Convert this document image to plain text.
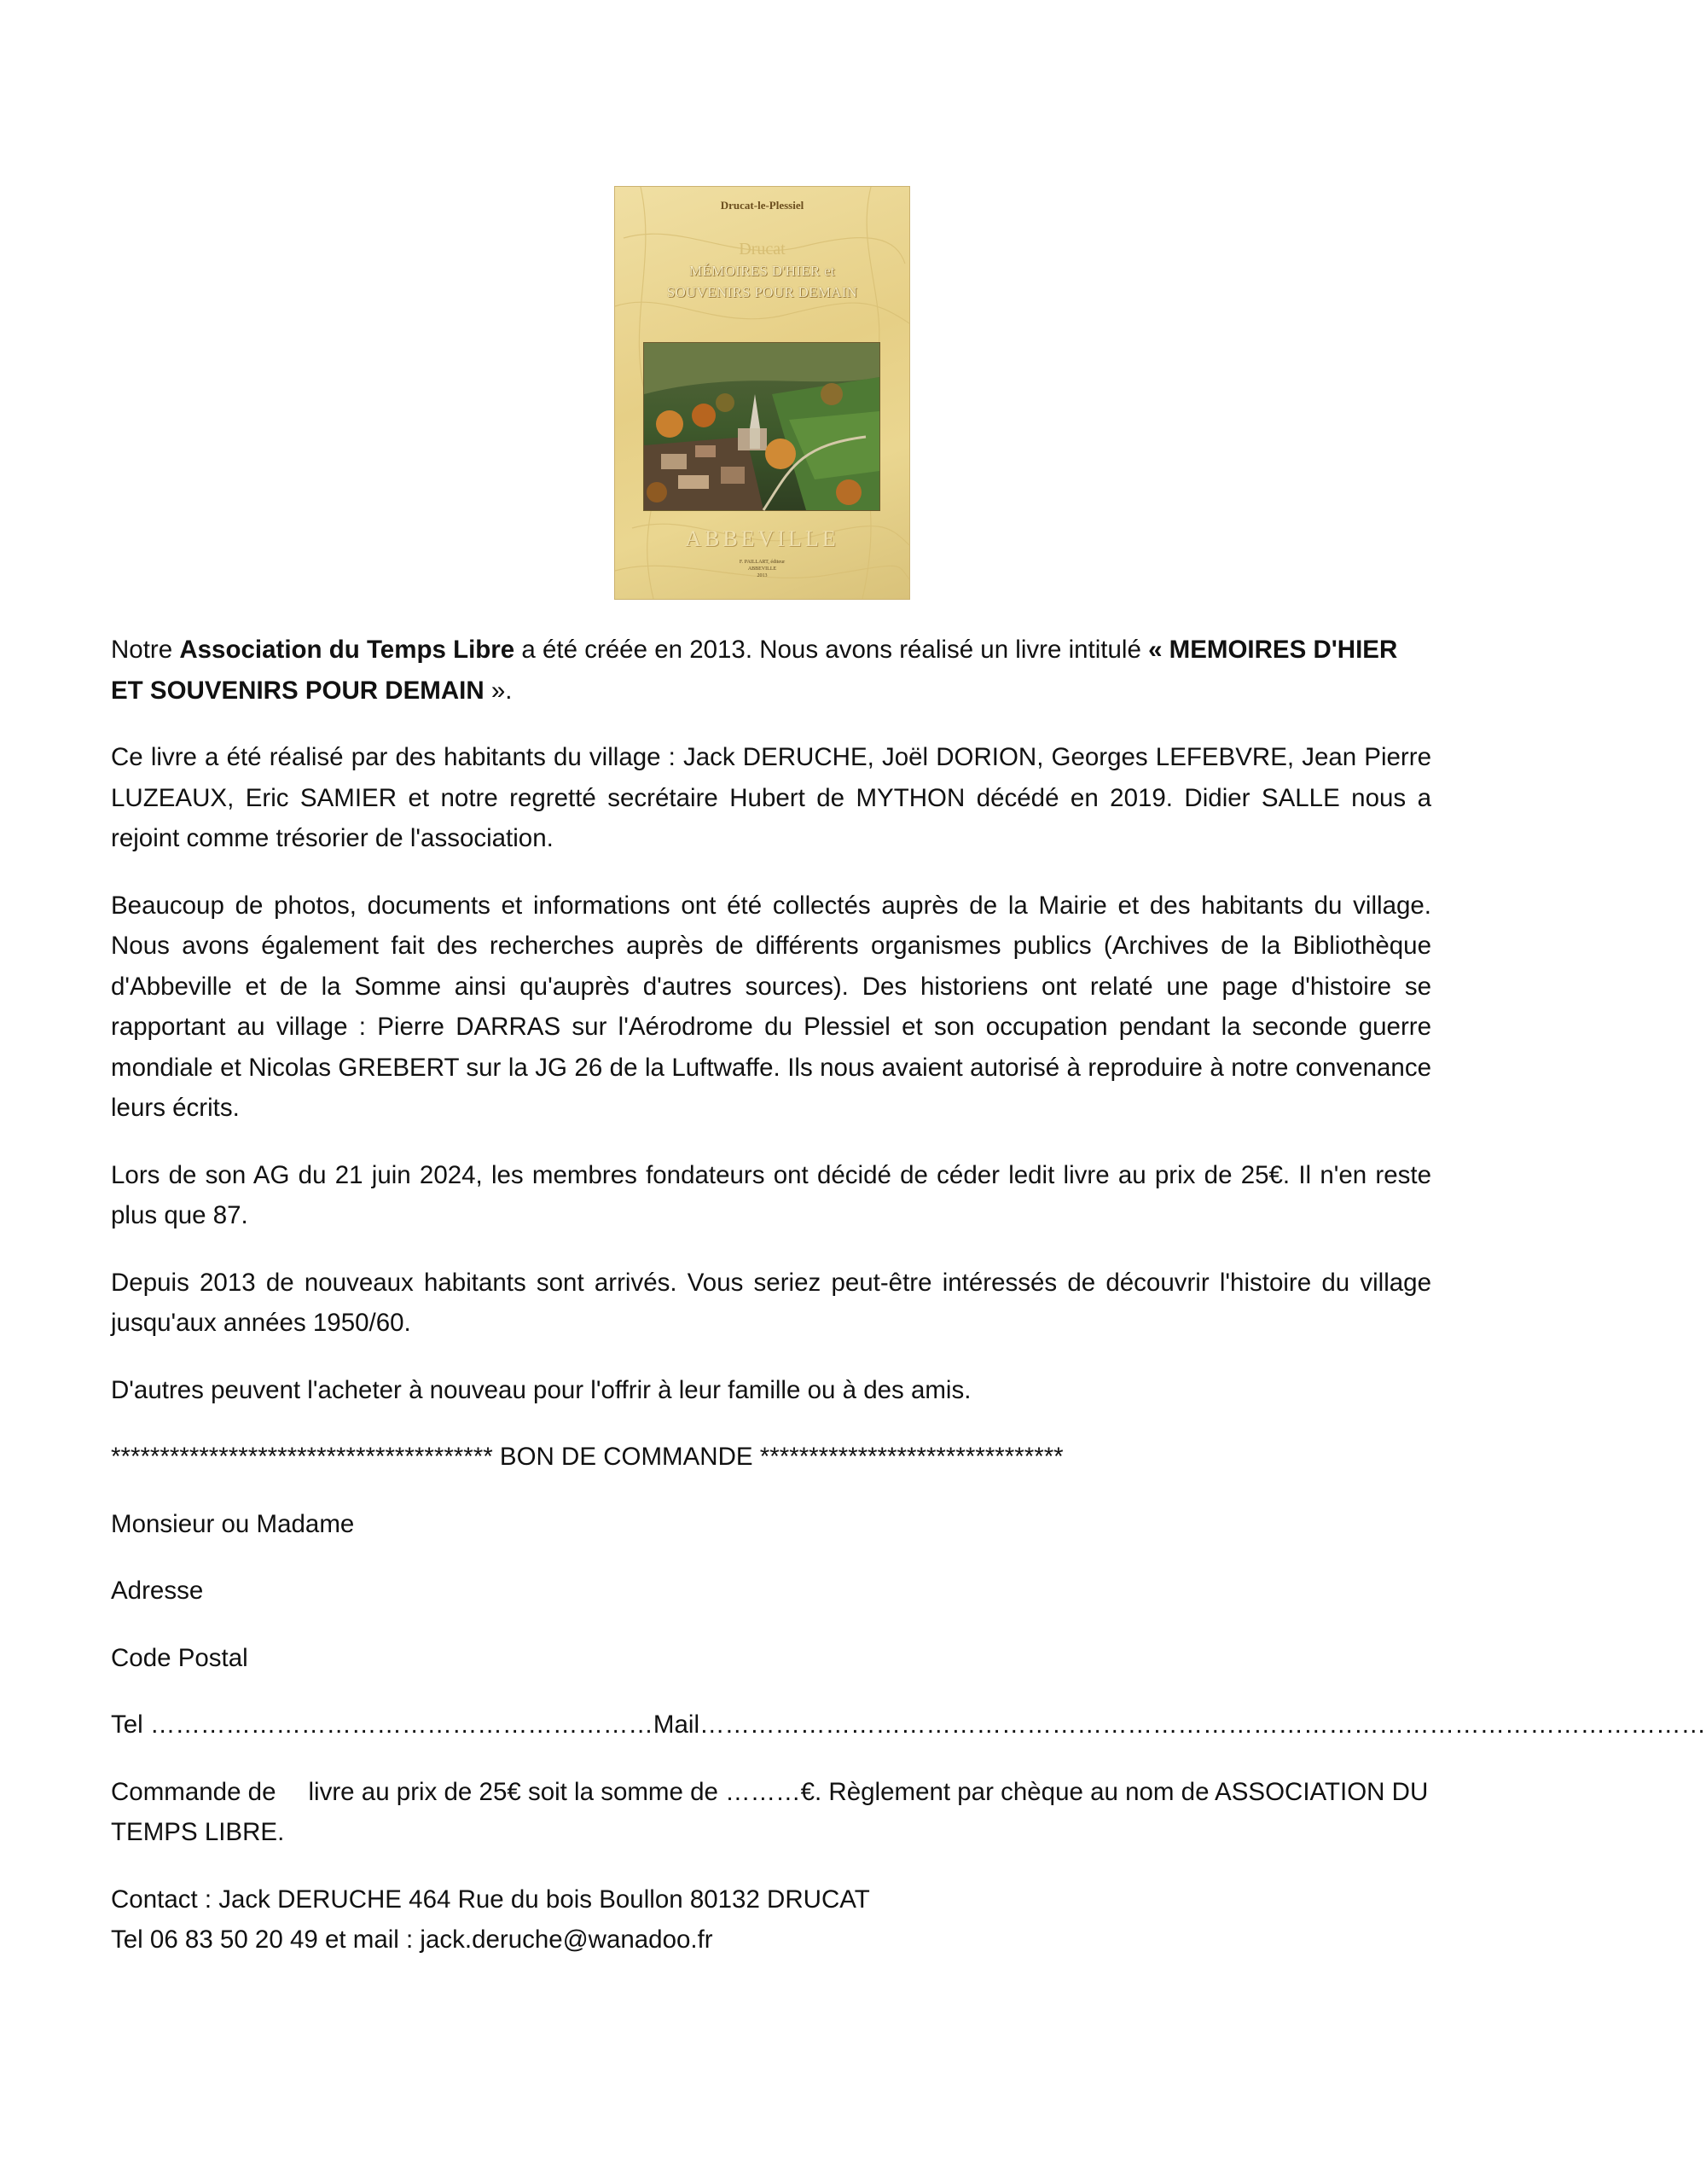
Drucat-le-Plessiel
Drucat
MÉMOIRES D'HIER et
SOUVENIRS POUR DEMAIN
ABBEVILLE
F. PAILLART, éditeur
ABBEVILLE
2013

Notre Association du Temps Libre a été créée en 2013. Nous avons réalisé un livre intitulé « MEMOIRES D'HIER ET SOUVENIRS POUR DEMAIN ».

Ce livre a été réalisé par des habitants du village : Jack DERUCHE, Joël DORION, Georges LEFEBVRE, Jean Pierre LUZEAUX, Eric SAMIER et notre regretté secrétaire Hubert de MYTHON décédé en 2019. Didier SALLE nous a rejoint comme trésorier de l'association.

Beaucoup de photos, documents et informations ont été collectés auprès de la Mairie et des habitants du village. Nous avons également fait des recherches auprès de différents organismes publics (Archives de la Bibliothèque d'Abbeville et de la Somme ainsi qu'auprès d'autres sources). Des historiens ont relaté une page d'histoire se rapportant au village : Pierre DARRAS sur l'Aérodrome du Plessiel et son occupation pendant la seconde guerre mondiale et Nicolas GREBERT sur la JG 26 de la Luftwaffe. Ils nous avaient autorisé à reproduire à notre convenance leurs écrits.

Lors de son AG du 21 juin 2024, les membres fondateurs ont décidé de céder ledit livre au prix de 25€. Il n'en reste plus que 87.

Depuis 2013 de nouveaux habitants sont arrivés. Vous seriez peut-être intéressés de découvrir l'histoire du village jusqu'aux années 1950/60.

D'autres peuvent l'acheter à nouveau pour l'offrir à leur famille ou à des amis.

*************************************** BON DE COMMANDE *******************************

Monsieur ou Madame

Adresse

Code Postal

Tel ……………………………………………………Mail…………………………………………………………………………………………………………

Commande de livre au prix de 25€ soit la somme de ………€. Règlement par chèque au nom de ASSOCIATION DU TEMPS LIBRE.

Contact : Jack DERUCHE 464 Rue du bois Boullon 80132 DRUCAT
Tel 06 83 50 20 49 et mail : jack.deruche@wanadoo.fr
